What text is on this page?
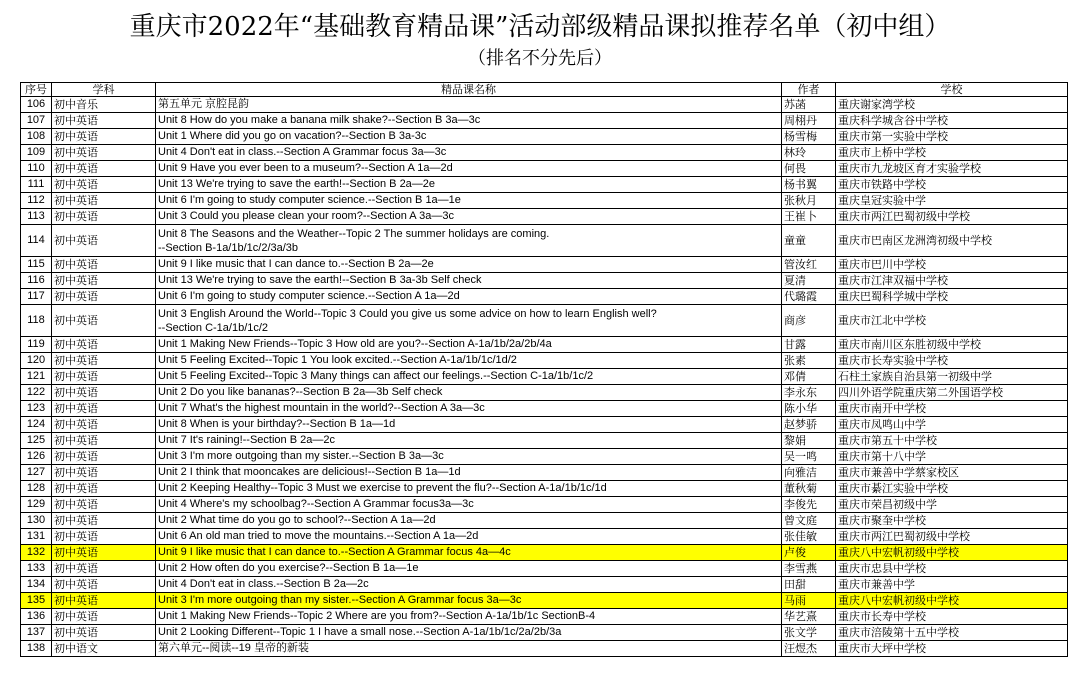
重庆市2022年“基础教育精品课”活动部级精品课拟推荐名单（初中组）
（排名不分先后）
序号	学科	精品课名称	作者	学校
106	初中音乐	第五单元 京腔昆韵	苏菡	重庆谢家湾学校
107	初中英语	Unit 8 How do you make a banana milk shake?--Section B 3a—3c	周栩丹	重庆科学城含谷中学校
108	初中英语	Unit 1 Where did you go on vacation?--Section B 3a-3c	杨雪梅	重庆市第一实验中学校
109	初中英语	Unit 4 Don't eat in class.--Section A Grammar focus 3a—3c	林玲	重庆市上桥中学校
110	初中英语	Unit 9 Have you ever been to a museum?--Section A 1a—2d	何畏	重庆市九龙坡区育才实验学校
111	初中英语	Unit 13 We're trying to save the earth!--Section B 2a—2e	杨书翼	重庆市铁路中学校
112	初中英语	Unit 6 I'm going to study computer science.--Section B 1a—1e	张秋月	重庆皇冠实验中学
113	初中英语	Unit 3 Could you please clean your room?--Section A 3a—3c	王崔卜	重庆市两江巴蜀初级中学校
114	初中英语	Unit 8 The Seasons and the Weather--Topic 2 The summer holidays are coming.
--Section B-1a/1b/1c/2/3a/3b	童童	重庆市巴南区龙洲湾初级中学校
115	初中英语	Unit 9 I like music that I can dance to.--Section B 2a—2e	管汝红	重庆市巴川中学校
116	初中英语	Unit 13 We're trying to save the earth!--Section B 3a-3b Self check	夏清	重庆市江津双福中学校
117	初中英语	Unit 6 I'm going to study computer science.--Section A 1a—2d	代璐霞	重庆巴蜀科学城中学校
118	初中英语	Unit 3 English Around the World--Topic 3 Could you give us some advice on how to learn English well?
--Section C-1a/1b/1c/2	商彦	重庆市江北中学校
119	初中英语	Unit 1 Making New Friends--Topic 3 How old are you?--Section A-1a/1b/2a/2b/4a	甘露	重庆市南川区东胜初级中学校
120	初中英语	Unit 5 Feeling Excited--Topic 1 You look excited.--Section A-1a/1b/1c/1d/2	张素	重庆市长寿实验中学校
121	初中英语	Unit 5 Feeling Excited--Topic 3 Many things can affect our feelings.--Section C-1a/1b/1c/2	邓倩	石柱土家族自治县第一初级中学
122	初中英语	Unit 2 Do you like bananas?--Section B 2a—3b Self check	李永东	四川外语学院重庆第二外国语学校
123	初中英语	Unit 7 What's the highest mountain in the world?--Section A 3a—3c	陈小华	重庆市南开中学校
124	初中英语	Unit 8 When is your birthday?--Section B 1a—1d	赵梦骄	重庆市凤鸣山中学
125	初中英语	Unit 7 It's raining!--Section B 2a—2c	黎娟	重庆市第五十中学校
126	初中英语	Unit 3 I'm more outgoing than my sister.--Section B 3a—3c	吴一鸣	重庆市第十八中学
127	初中英语	Unit 2 I think that mooncakes are delicious!--Section B 1a—1d	向雅洁	重庆市兼善中学蔡家校区
128	初中英语	Unit 2 Keeping Healthy--Topic 3 Must we exercise to prevent the flu?--Section A-1a/1b/1c/1d	董秋菊	重庆市綦江实验中学校
129	初中英语	Unit 4 Where's my schoolbag?--Section A Grammar focus3a—3c	李俊先	重庆市荣昌初级中学
130	初中英语	Unit 2 What time do you go to school?--Section A 1a—2d	曾文庭	重庆市聚奎中学校
131	初中英语	Unit 6 An old man tried to move the mountains.--Section A 1a—2d	张佳敏	重庆市两江巴蜀初级中学校
132	初中英语	Unit 9 I like music that I can dance to.--Section A Grammar focus 4a—4c	卢俊	重庆八中宏帆初级中学校
133	初中英语	Unit 2 How often do you exercise?--Section B 1a—1e	李雪燕	重庆市忠县中学校
134	初中英语	Unit 4 Don't eat in class.--Section B 2a—2c	田甜	重庆市兼善中学
135	初中英语	Unit 3 I'm more outgoing than my sister.--Section A Grammar focus 3a—3c	马雨	重庆八中宏帆初级中学校
136	初中英语	Unit 1 Making New Friends--Topic 2 Where are you from?--Section A-1a/1b/1c SectionB-4	华艺熹	重庆市长寿中学校
137	初中英语	Unit 2 Looking Different--Topic 1 I have a small nose.--Section A-1a/1b/1c/2a/2b/3a	张文学	重庆市涪陵第十五中学校
138	初中语文	第六单元--阅读--19 皇帝的新装	汪煜杰	重庆市大坪中学校
